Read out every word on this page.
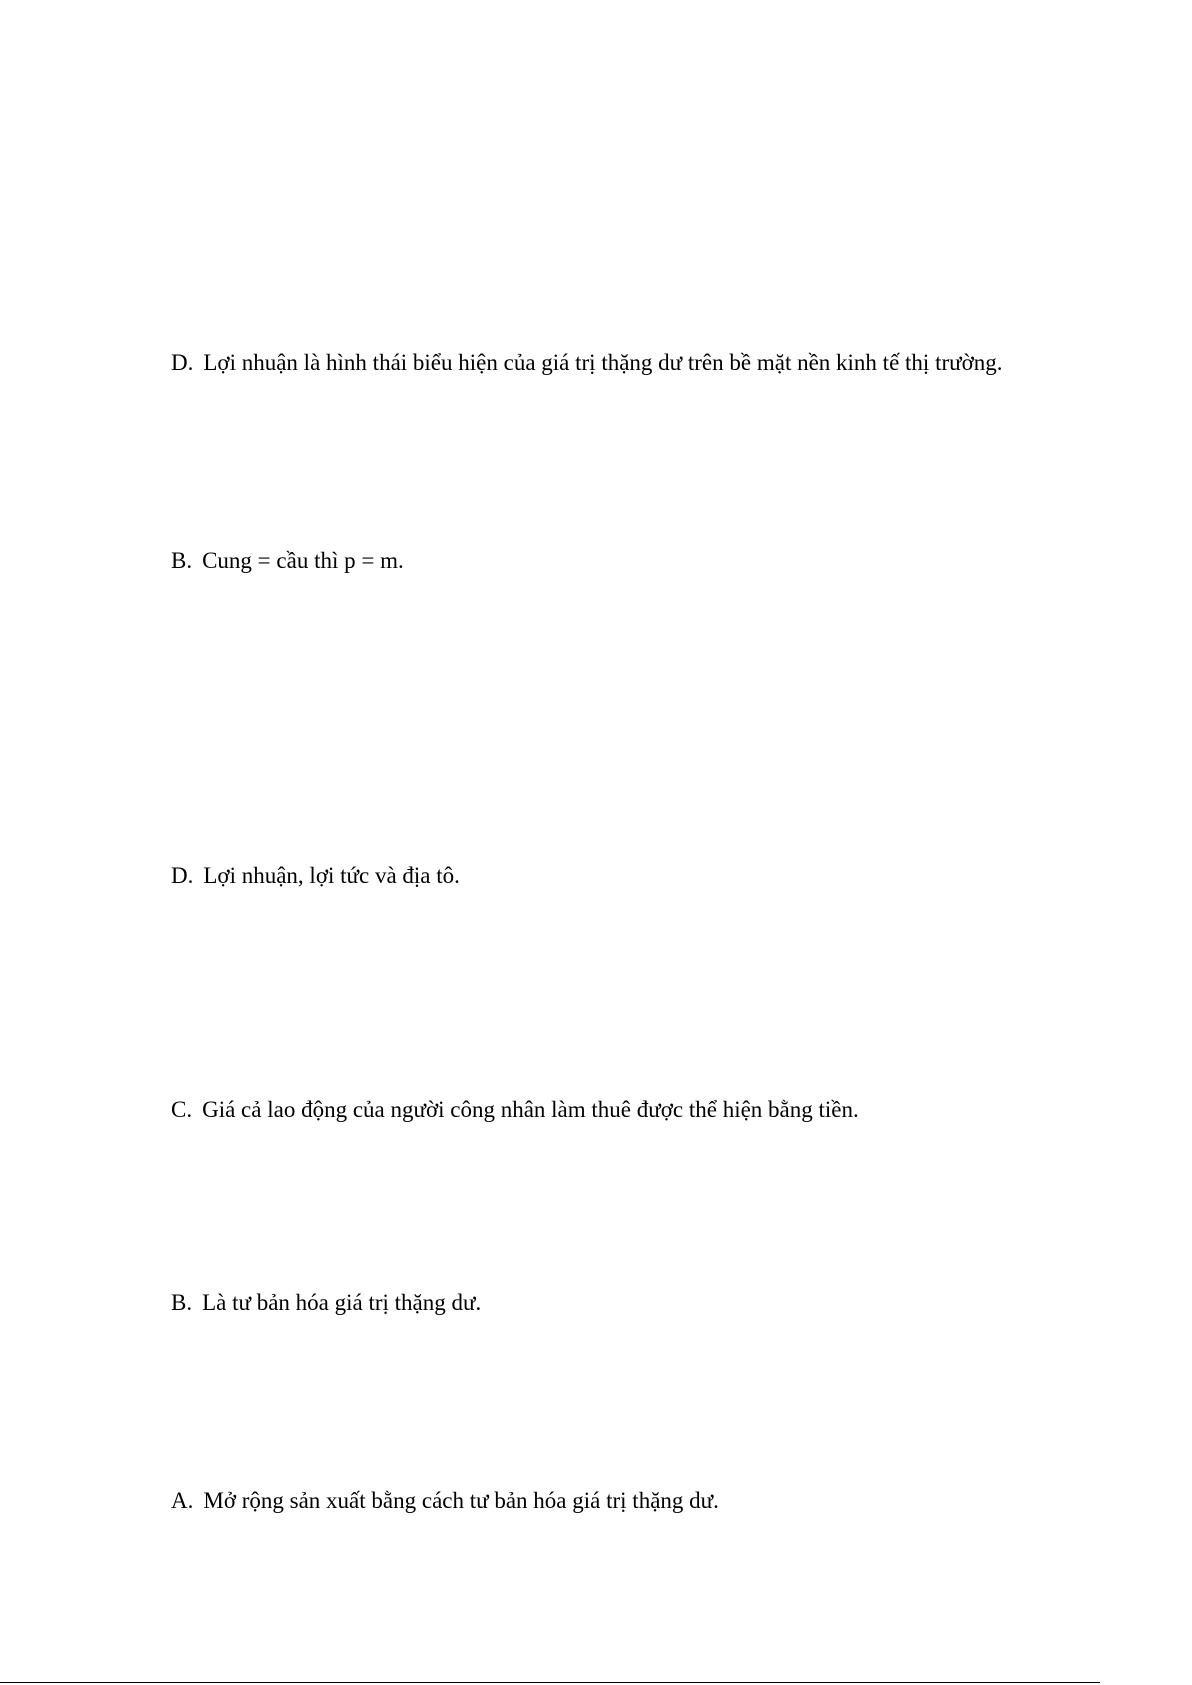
D. Lợi nhuận là hình thái biểu hiện của giá trị thặng dư trên bề mặt nền kinh tế thị trường.

B. Cung = cầu thì p = m.

D. Lợi nhuận, lợi tức và địa tô.

C. Giá cả lao động của người công nhân làm thuê được thể hiện bằng tiền.

B. Là tư bản hóa giá trị thặng dư.

A. Mở rộng sản xuất bằng cách tư bản hóa giá trị thặng dư.
